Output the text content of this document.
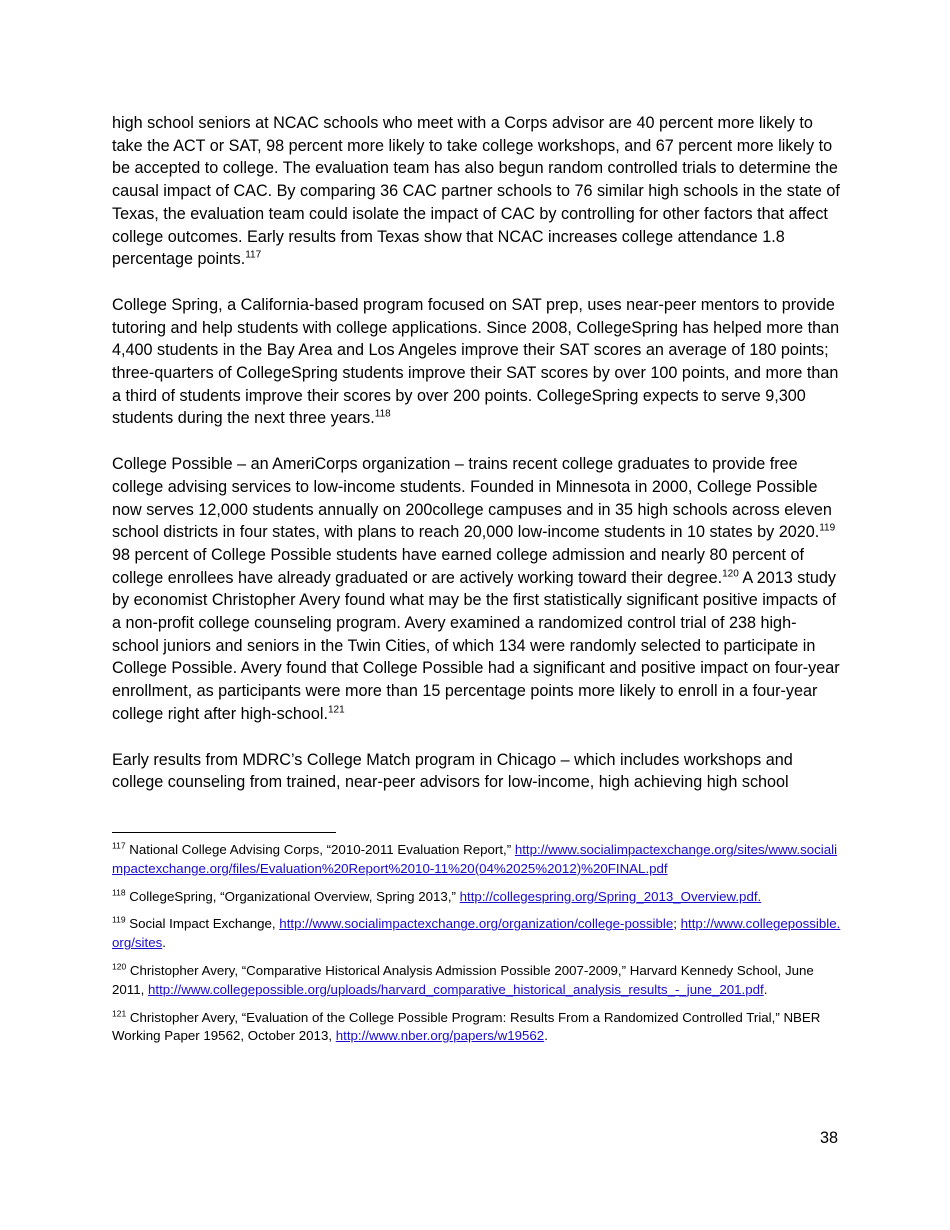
high school seniors at NCAC schools who meet with a Corps advisor are 40 percent more likely to take the ACT or SAT, 98 percent more likely to take college workshops, and 67 percent more likely to be accepted to college. The evaluation team has also begun random controlled trials to determine the causal impact of CAC. By comparing 36 CAC partner schools to 76 similar high schools in the state of Texas, the evaluation team could isolate the impact of CAC by controlling for other factors that affect college outcomes. Early results from Texas show that NCAC increases college attendance 1.8 percentage points.$^{117}$

College Spring, a California-based program focused on SAT prep, uses near-peer mentors to provide tutoring and help students with college applications. Since 2008, CollegeSpring has helped more than 4,400 students in the Bay Area and Los Angeles improve their SAT scores an average of 180 points; three-quarters of CollegeSpring students improve their SAT scores by over 100 points, and more than a third of students improve their scores by over 200 points. CollegeSpring expects to serve 9,300 students during the next three years.$^{118}$

College Possible – an AmeriCorps organization – trains recent college graduates to provide free college advising services to low-income students. Founded in Minnesota in 2000, College Possible now serves 12,000 students annually on 200college campuses and in 35 high schools across eleven school districts in four states, with plans to reach 20,000 low-income students in 10 states by 2020.$^{119}$ 98 percent of College Possible students have earned college admission and nearly 80 percent of college enrollees have already graduated or are actively working toward their degree.$^{120}$ A 2013 study by economist Christopher Avery found what may be the first statistically significant positive impacts of a non-profit college counseling program. Avery examined a randomized control trial of 238 high-school juniors and seniors in the Twin Cities, of which 134 were randomly selected to participate in College Possible. Avery found that College Possible had a significant and positive impact on four-year enrollment, as participants were more than 15 percentage points more likely to enroll in a four-year college right after high-school.$^{121}$

Early results from MDRC’s College Match program in Chicago – which includes workshops and college counseling from trained, near-peer advisors for low-income, high achieving high school

$^{117}$ National College Advising Corps, “2010-2011 Evaluation Report,” http://www.socialimpactexchange.org/sites/www.socialimpactexchange.org/files/Evaluation%20Report%2010-11%20(04%2025%2012)%20FINAL.pdf

$^{118}$ CollegeSpring, “Organizational Overview, Spring 2013,” http://collegespring.org/Spring_2013_Overview.pdf.

$^{119}$ Social Impact Exchange, http://www.socialimpactexchange.org/organization/college-possible; http://www.collegepossible.org/sites.

$^{120}$ Christopher Avery, “Comparative Historical Analysis Admission Possible 2007-2009,” Harvard Kennedy School, June 2011, http://www.collegepossible.org/uploads/harvard_comparative_historical_analysis_results_-_june_201.pdf.

$^{121}$ Christopher Avery, “Evaluation of the College Possible Program: Results From a Randomized Controlled Trial,” NBER Working Paper 19562, October 2013, http://www.nber.org/papers/w19562.

38
